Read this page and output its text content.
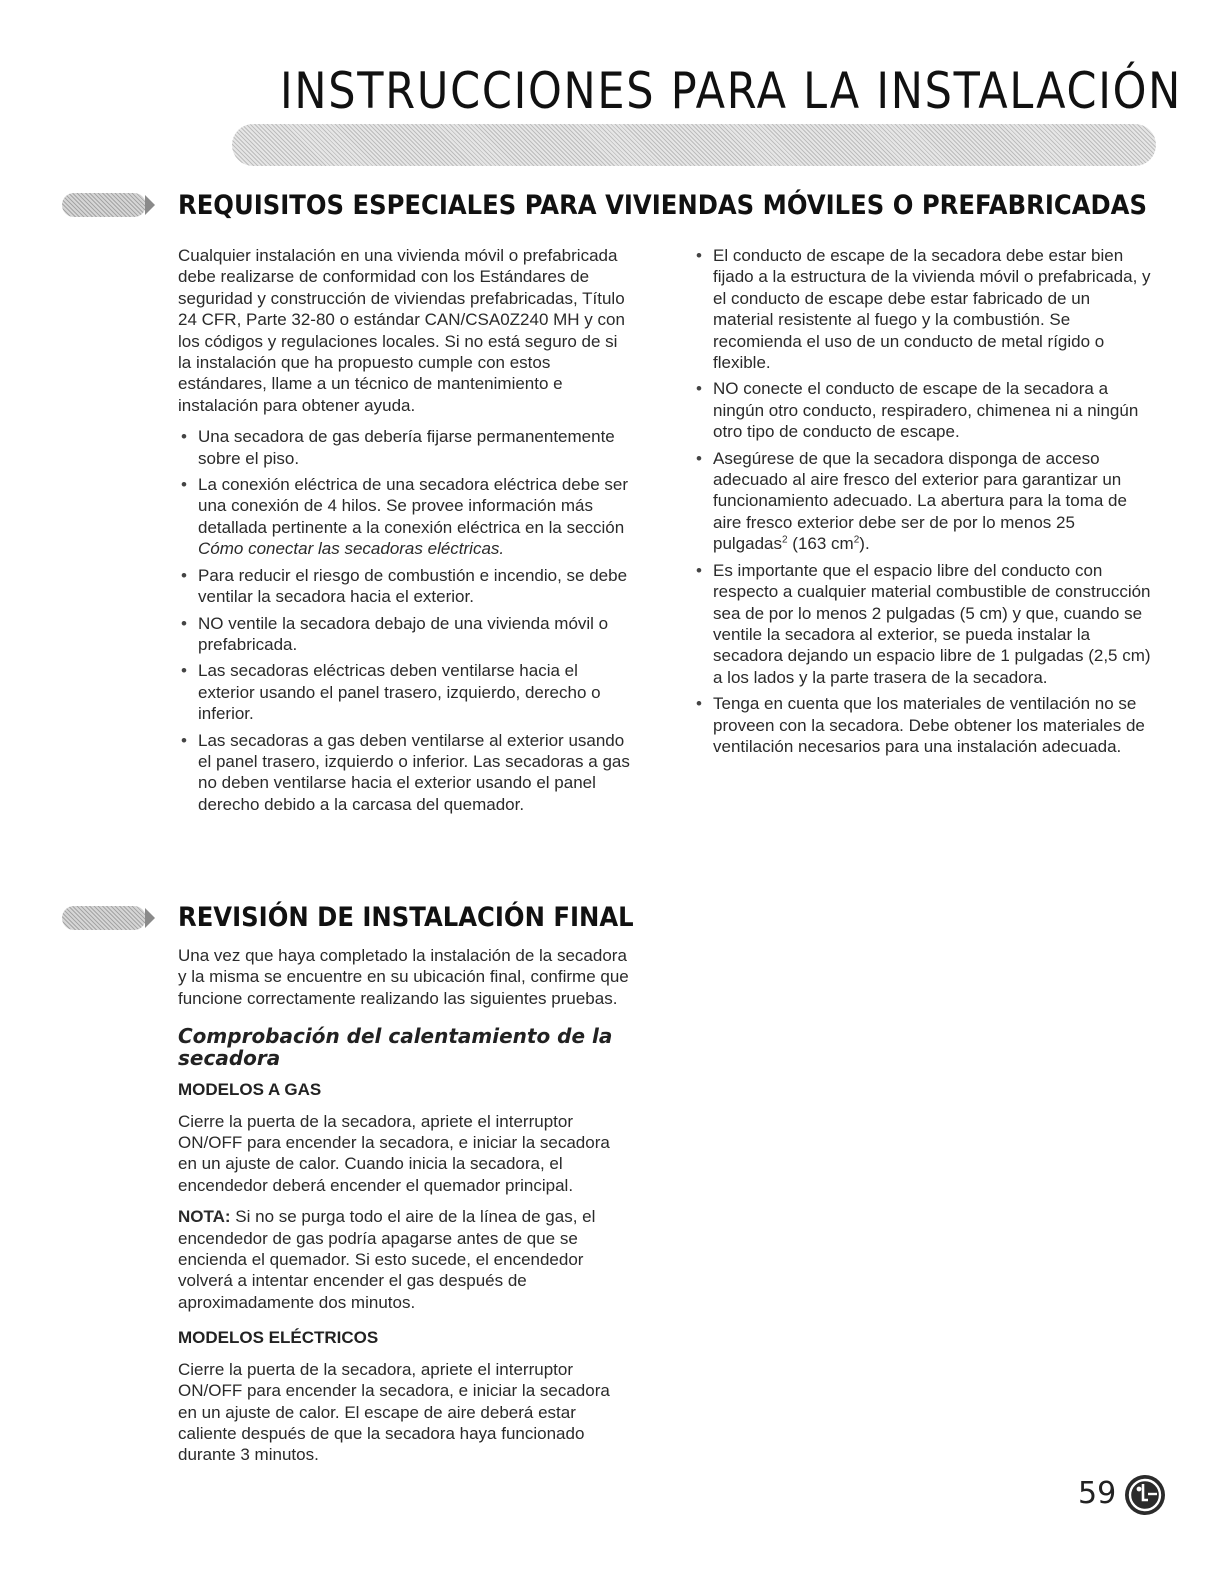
INSTRUCCIONES PARA LA INSTALACIÓN
REQUISITOS ESPECIALES PARA VIVIENDAS MÓVILES O PREFABRICADAS

Cualquier instalación en una vivienda móvil o prefabricada debe realizarse de conformidad con los Estándares de seguridad y construcción de viviendas prefabricadas, Título 24 CFR, Parte 32-80 o estándar CAN/CSA0Z240 MH y con los códigos y regulaciones locales. Si no está seguro de si la instalación que ha propuesto cumple con estos estándares, llame a un técnico de mantenimiento e instalación para obtener ayuda.

• Una secadora de gas debería fijarse permanentemente sobre el piso.
• La conexión eléctrica de una secadora eléctrica debe ser una conexión de 4 hilos. Se provee información más detallada pertinente a la conexión eléctrica en la sección Cómo conectar las secadoras eléctricas.
• Para reducir el riesgo de combustión e incendio, se debe ventilar la secadora hacia el exterior.
• NO ventile la secadora debajo de una vivienda móvil o prefabricada.
• Las secadoras eléctricas deben ventilarse hacia el exterior usando el panel trasero, izquierdo, derecho o inferior.
• Las secadoras a gas deben ventilarse al exterior usando el panel trasero, izquierdo o inferior. Las secadoras a gas no deben ventilarse hacia el exterior usando el panel derecho debido a la carcasa del quemador.
• El conducto de escape de la secadora debe estar bien fijado a la estructura de la vivienda móvil o prefabricada, y el conducto de escape debe estar fabricado de un material resistente al fuego y la combustión. Se recomienda el uso de un conducto de metal rígido o flexible.
• NO conecte el conducto de escape de la secadora a ningún otro conducto, respiradero, chimenea ni a ningún otro tipo de conducto de escape.
• Asegúrese de que la secadora disponga de acceso adecuado al aire fresco del exterior para garantizar un funcionamiento adecuado. La abertura para la toma de aire fresco exterior debe ser de por lo menos 25 pulgadas$^2$ (163 $cm^2$).
• Es importante que el espacio libre del conducto con respecto a cualquier material combustible de construcción sea de por lo menos 2 pulgadas (5 cm) y que, cuando se ventile la secadora al exterior, se pueda instalar la secadora dejando un espacio libre de 1 pulgadas (2,5 cm) a los lados y la parte trasera de la secadora.
• Tenga en cuenta que los materiales de ventilación no se proveen con la secadora. Debe obtener los materiales de ventilación necesarios para una instalación adecuada.
REVISIÓN DE INSTALACIÓN FINAL

Una vez que haya completado la instalación de la secadora y la misma se encuentre en su ubicación final, confirme que funcione correctamente realizando las siguientes pruebas.

Comprobación del calentamiento de la secadora

MODELOS A GAS

Cierre la puerta de la secadora, apriete el interruptor ON/OFF para encender la secadora, e iniciar la secadora en un ajuste de calor. Cuando inicia la secadora, el encendedor deberá encender el quemador principal.

NOTA: Si no se purga todo el aire de la línea de gas, el encendedor de gas podría apagarse antes de que se encienda el quemador. Si esto sucede, el encendedor volverá a intentar encender el gas después de aproximadamente dos minutos.

MODELOS ELÉCTRICOS

Cierre la puerta de la secadora, apriete el interruptor ON/OFF para encender la secadora, e iniciar la secadora en un ajuste de calor. El escape de aire deberá estar caliente después de que la secadora haya funcionado durante 3 minutos.

59
